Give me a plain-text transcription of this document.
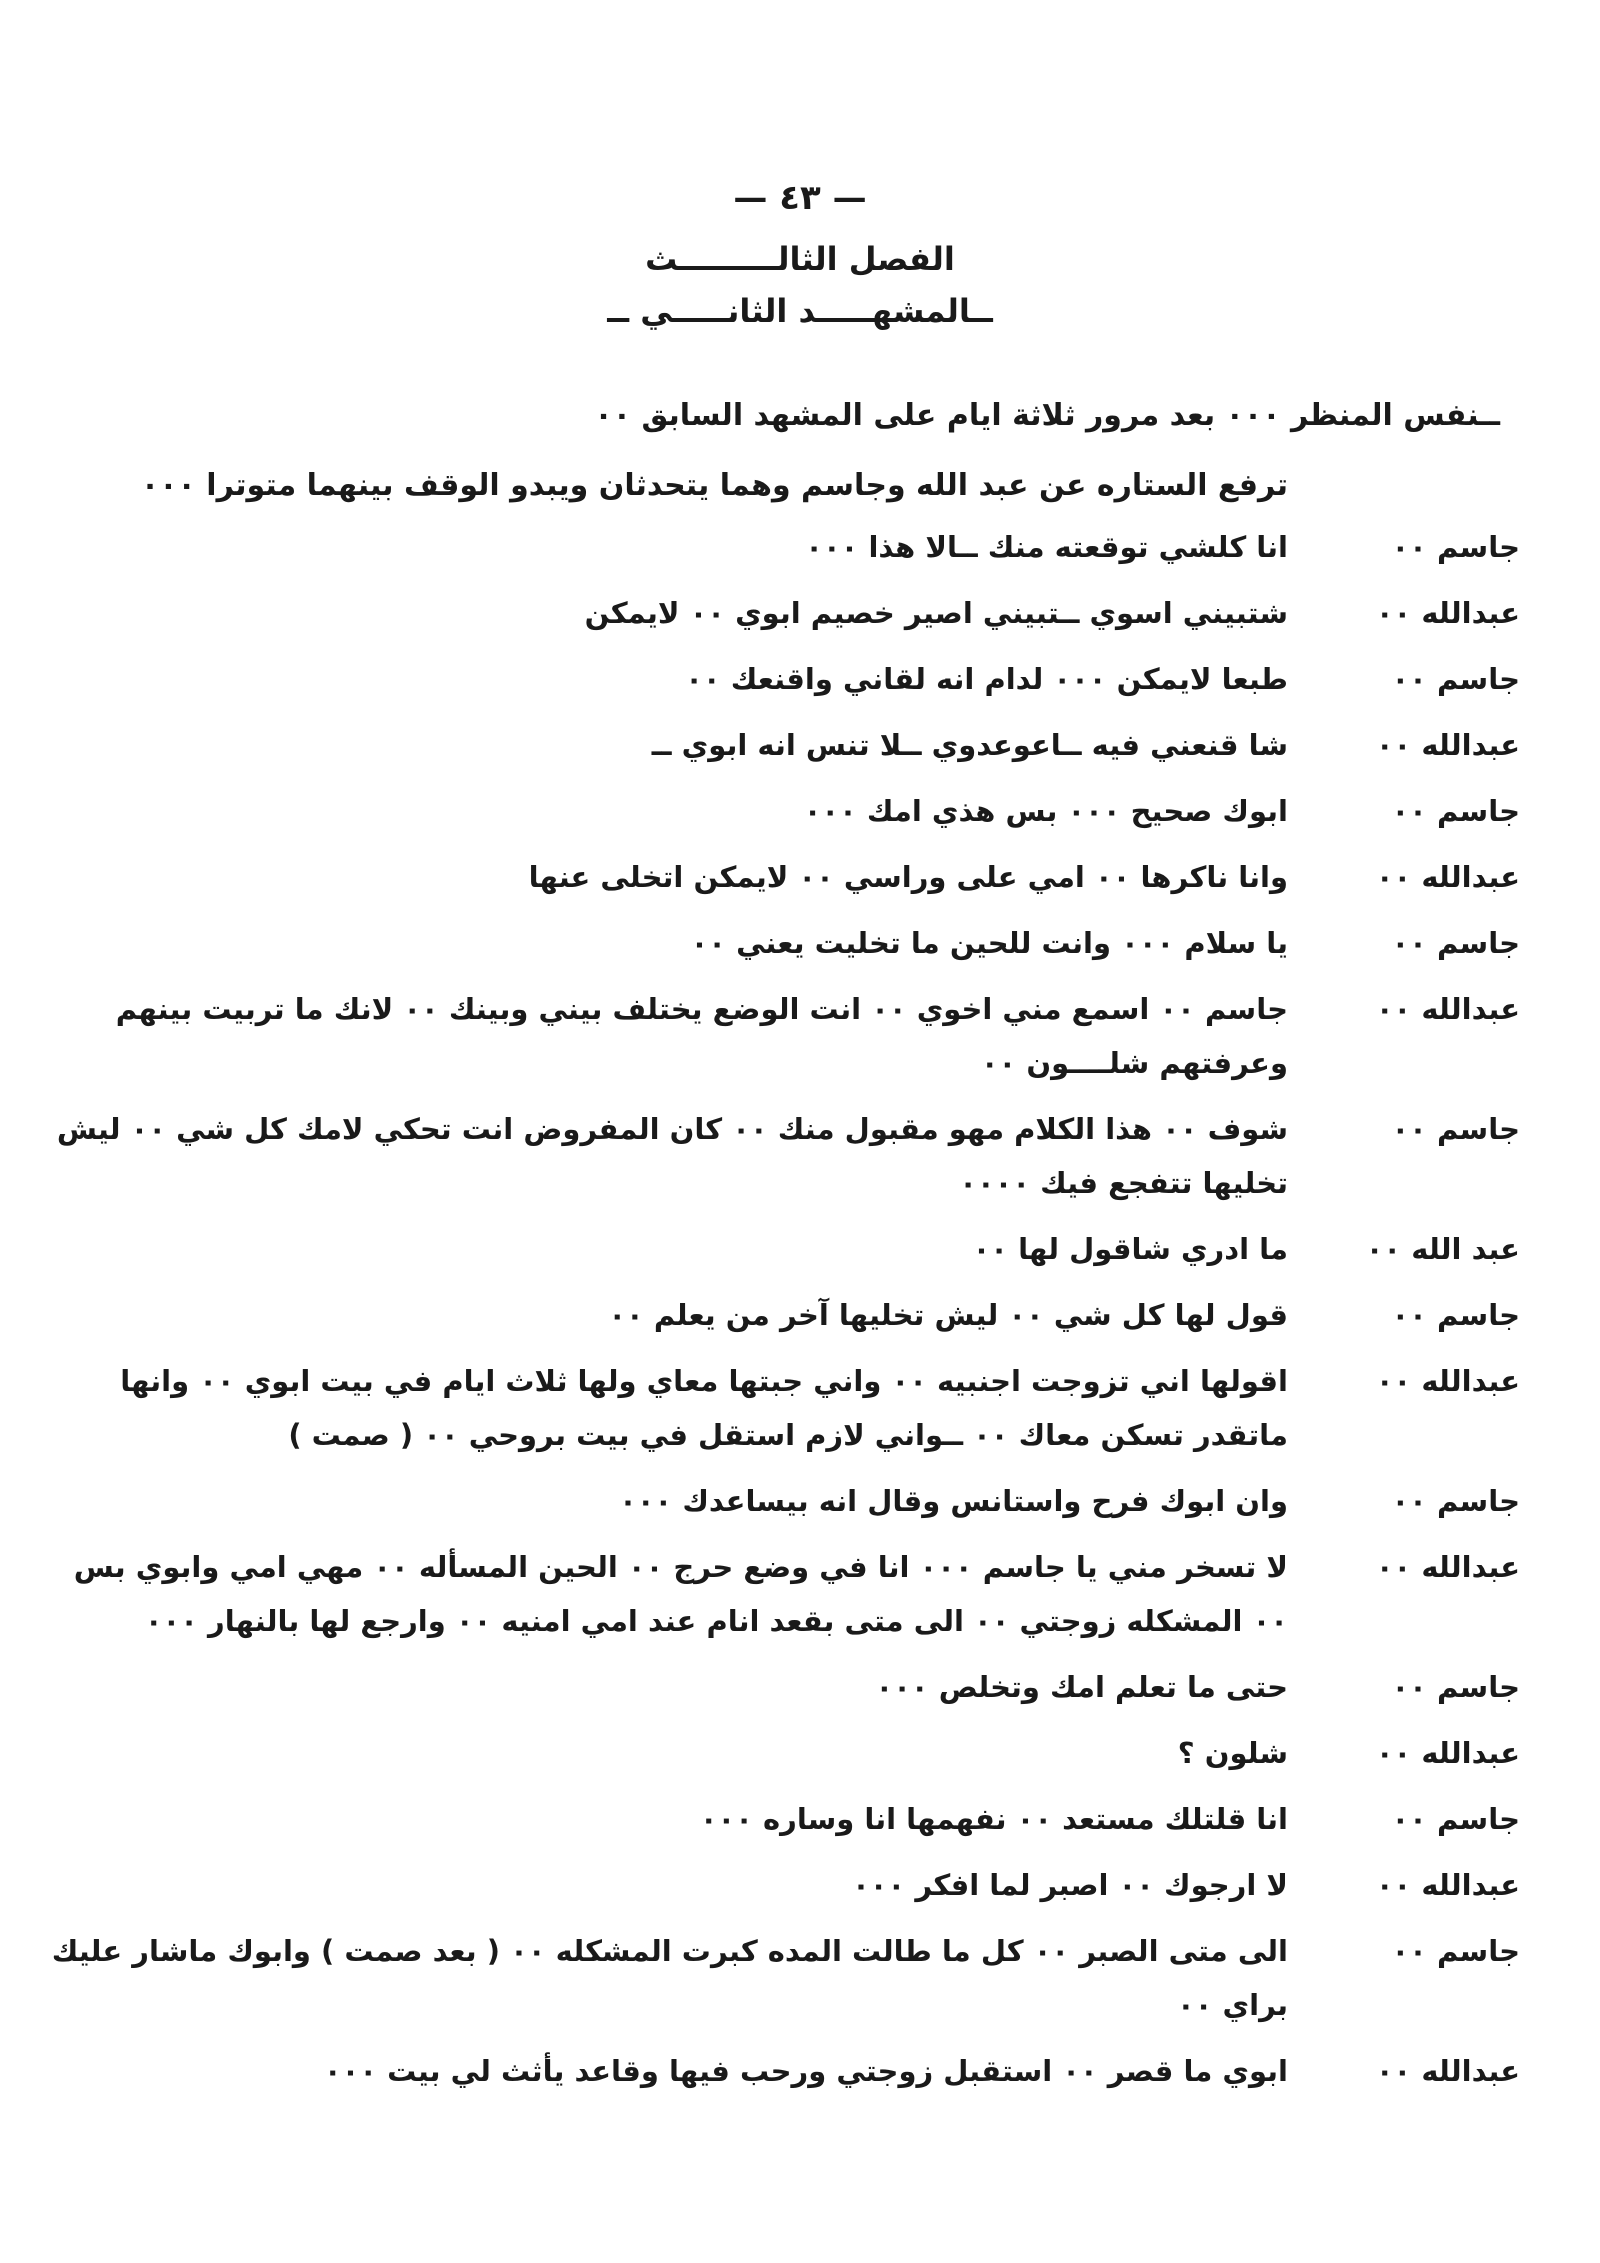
— ٤٣ —
الفصل الثالـــــــــث
ــالمشهـــــد الثانـــــي ــ
ــنفس المنظر ٠٠٠ بعد مرور ثلاثة ايام على المشهد السابق ٠٠
ترفع الستاره عن عبد الله وجاسم وهما يتحدثان ويبدو الوقف بينهما متوترا ٠٠٠
جاسم ٠٠
انا كلشي توقعته منك ــالا هذا ٠٠٠
عبدالله ٠٠
شتبيني اسوي ــتبيني اصير خصيم ابوي ٠٠ لايمكن
جاسم ٠٠
طبعا لايمكن ٠٠٠ لدام انه لقاني واقنعك ٠٠
عبدالله ٠٠
شا قنعني فيه ــاعوعدوي ــلا تنس انه ابوي ــ
جاسم ٠٠
ابوك صحيح ٠٠٠ بس هذي امك ٠٠٠
عبدالله ٠٠
وانا ناكرها ٠٠ امي على وراسي ٠٠ لايمكن اتخلى عنها
جاسم ٠٠
يا سلام ٠٠٠ وانت للحين ما تخليت يعني ٠٠
عبدالله ٠٠
جاسم ٠٠ اسمع مني اخوي ٠٠ انت الوضع يختلف بيني وبينك ٠٠ لانك ما تربيت بينهم وعرفتهم شلــــون ٠٠
جاسم ٠٠
شوف ٠٠ هذا الكلام مهو مقبول منك ٠٠ كان المفروض انت تحكي لامك كل شي ٠٠ ليش تخليها تتفجع فيك ٠٠٠٠
عبد الله ٠٠
ما ادري شاقول لها ٠٠
جاسم ٠٠
قول لها كل شي ٠٠ ليش تخليها آخر من يعلم ٠٠
عبدالله ٠٠
اقولها اني تزوجت اجنبيه ٠٠ واني جبتها معاي ولها ثلاث ايام في بيت ابوي ٠٠ وانها ماتقدر تسكن معاك ٠٠ ــواني لازم استقل في بيت بروحي ٠٠ ( صمت )
جاسم ٠٠
وان ابوك فرح واستانس وقال انه بيساعدك ٠٠٠
عبدالله ٠٠
لا تسخر مني يا جاسم ٠٠٠ انا في وضع حرج ٠٠ الحين المسأله ٠٠ مهي امي وابوي بس ٠٠ المشكله زوجتي ٠٠ الى متى بقعد انام عند امي امنيه ٠٠ وارجع لها بالنهار ٠٠٠
جاسم ٠٠
حتى ما تعلم امك وتخلص ٠٠٠
عبدالله ٠٠
شلون ؟
جاسم ٠٠
انا قلتلك مستعد ٠٠ نفهمها انا وساره ٠٠٠
عبدالله ٠٠
لا ارجوك ٠٠ اصبر لما افكر ٠٠٠
جاسم ٠٠
الى متى الصبر ٠٠ كل ما طالت المده كبرت المشكله ٠٠ ( بعد صمت ) وابوك ماشار عليك براي ٠٠
عبدالله ٠٠
ابوي ما قصر ٠٠ استقبل زوجتي ورحب فيها وقاعد يأثث لي بيت ٠٠٠
